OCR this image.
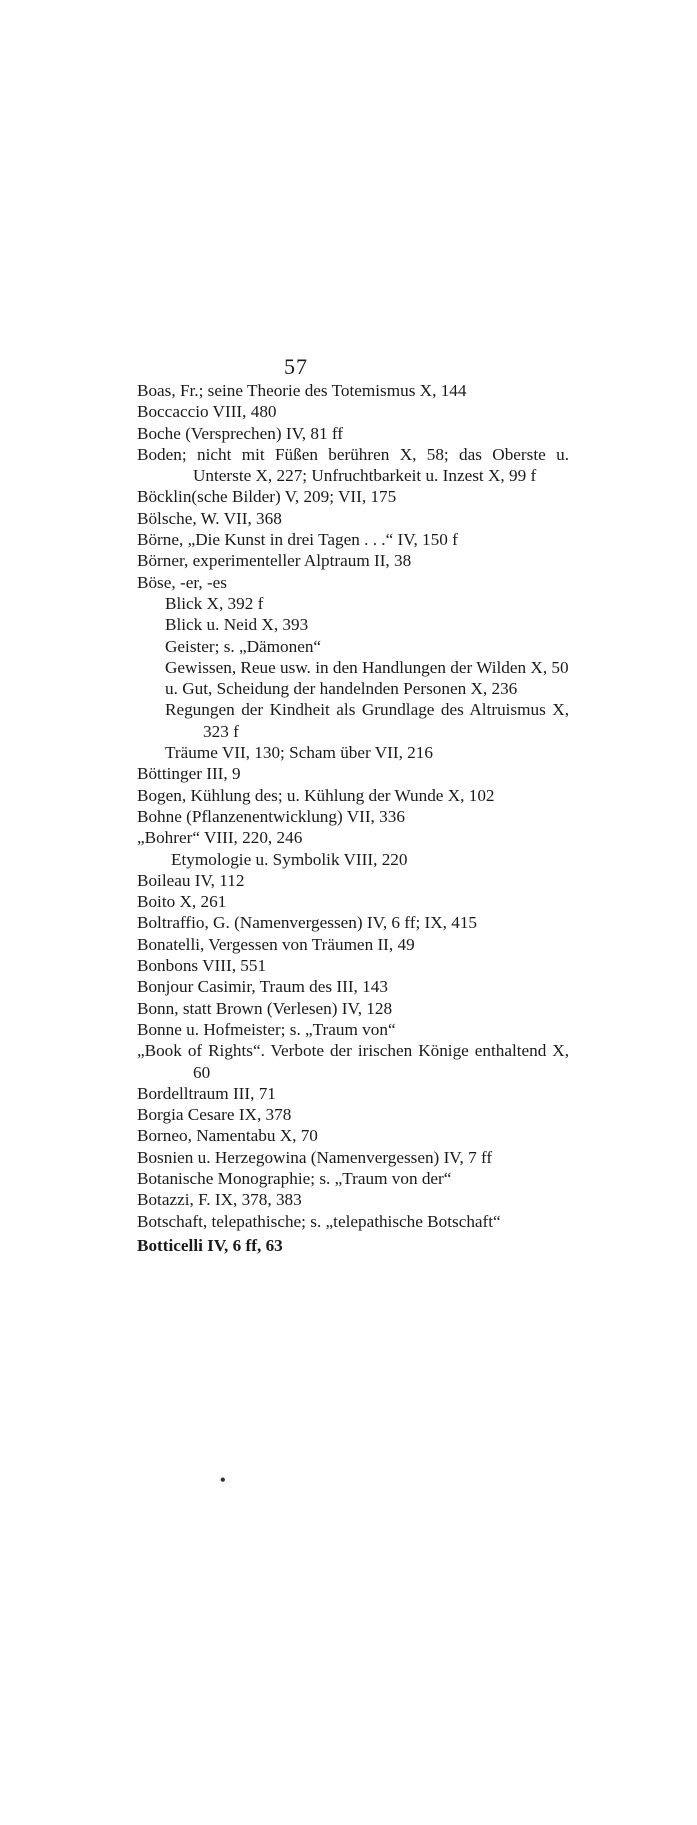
57
Boas, Fr.; seine Theorie des Totemismus X, 144
Boccaccio VIII, 480
Boche (Versprechen) IV, 81 ff
Boden; nicht mit Füßen berühren X, 58; das Oberste u. Unterste X, 227; Unfruchtbarkeit u. Inzest X, 99 f
Böcklin(sche Bilder) V, 209; VII, 175
Bölsche, W. VII, 368
Börne, „Die Kunst in drei Tagen . . .“ IV, 150 f
Börner, experimenteller Alptraum II, 38
Böse, -er, -es
Blick X, 392 f
Blick u. Neid X, 393
Geister; s. „Dämonen“
Gewissen, Reue usw. in den Handlungen der Wilden X, 50
u. Gut, Scheidung der handelnden Personen X, 236
Regungen der Kindheit als Grundlage des Altruismus X, 323 f
Träume VII, 130; Scham über VII, 216
Böttinger III, 9
Bogen, Kühlung des; u. Kühlung der Wunde X, 102
Bohne (Pflanzenentwicklung) VII, 336
„Bohrer“ VIII, 220, 246
Etymologie u. Symbolik VIII, 220
Boileau IV, 112
Boito X, 261
Boltraffio, G. (Namenvergessen) IV, 6 ff; IX, 415
Bonatelli, Vergessen von Träumen II, 49
Bonbons VIII, 551
Bonjour Casimir, Traum des III, 143
Bonn, statt Brown (Verlesen) IV, 128
Bonne u. Hofmeister; s. „Traum von“
„Book of Rights“. Verbote der irischen Könige enthaltend X, 60
Bordelltraum III, 71
Borgia Cesare IX, 378
Borneo, Namentabu X, 70
Bosnien u. Herzegowina (Namenvergessen) IV, 7 ff
Botanische Monographie; s. „Traum von der“
Botazzi, F. IX, 378, 383
Botschaft, telepathische; s. „telepathische Botschaft“
Botticelli IV, 6 ff, 63
•
